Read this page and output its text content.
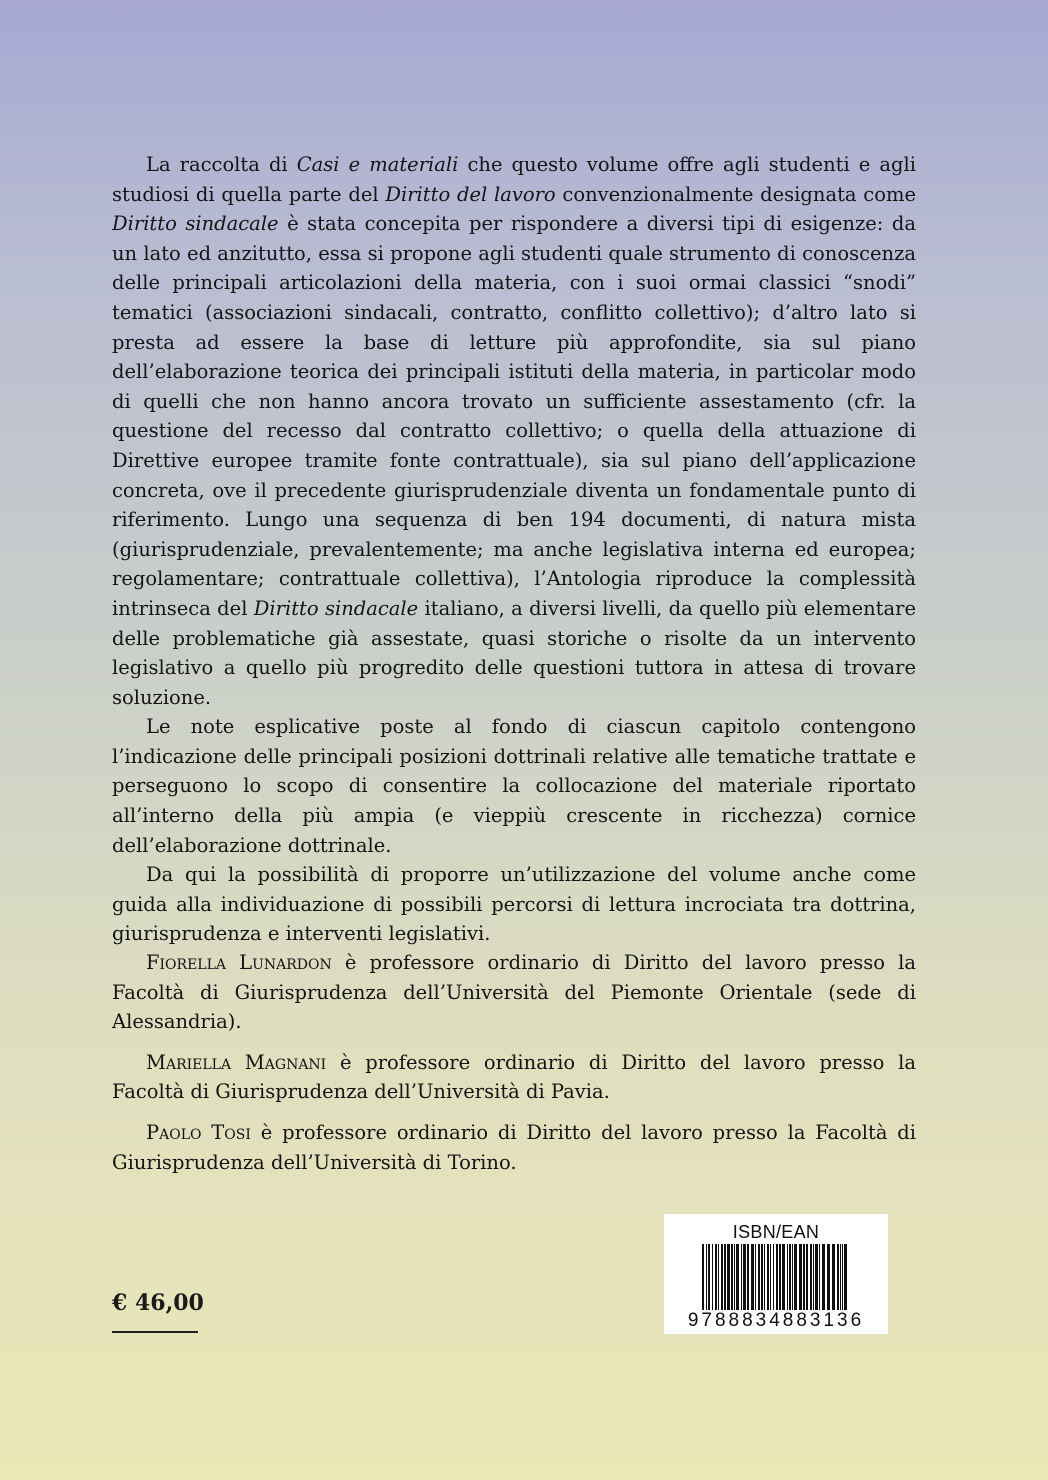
La raccolta di Casi e materiali che questo volume offre agli studenti e agli studiosi di quella parte del Diritto del lavoro convenzionalmente designata come Diritto sindacale è stata concepita per rispondere a diversi tipi di esigenze: da un lato ed anzitutto, essa si propone agli studenti quale strumento di conoscenza delle principali articolazioni della materia, con i suoi ormai classici “snodi” tematici (associazioni sindacali, contratto, conflitto collettivo); d’altro lato si presta ad essere la base di letture più approfondite, sia sul piano dell’elaborazione teorica dei principali istituti della materia, in particolar modo di quelli che non hanno ancora trovato un sufficiente assestamento (cfr. la questione del recesso dal contratto collettivo; o quella della attuazione di Direttive europee tramite fonte contrattuale), sia sul piano dell’applicazione concreta, ove il precedente giurisprudenziale diventa un fondamentale punto di riferimento. Lungo una sequenza di ben 194 documenti, di natura mista (giurisprudenziale, prevalentemente; ma anche legislativa interna ed europea; regolamentare; contrattuale collettiva), l’Antologia riproduce la complessità intrinseca del Diritto sindacale italiano, a diversi livelli, da quello più elementare delle problematiche già assestate, quasi storiche o risolte da un intervento legislativo a quello più progredito delle questioni tuttora in attesa di trovare soluzione.

Le note esplicative poste al fondo di ciascun capitolo contengono l’indicazione delle principali posizioni dottrinali relative alle tematiche trattate e perseguono lo scopo di consentire la collocazione del materiale riportato all’interno della più ampia (e vieppiù crescente in ricchezza) cornice dell’elaborazione dottrinale.

Da qui la possibilità di proporre un’utilizzazione del volume anche come guida alla individuazione di possibili percorsi di lettura incrociata tra dottrina, giurisprudenza e interventi legislativi.

Fiorella Lunardon è professore ordinario di Diritto del lavoro presso la Facoltà di Giurisprudenza dell’Università del Piemonte Orientale (sede di Alessandria).

Mariella Magnani è professore ordinario di Diritto del lavoro presso la Facoltà di Giurisprudenza dell’Università di Pavia.

Paolo Tosi è professore ordinario di Diritto del lavoro presso la Facoltà di Giurisprudenza dell’Università di Torino.

ISBN/EAN
9788834883136
€ 46,00
